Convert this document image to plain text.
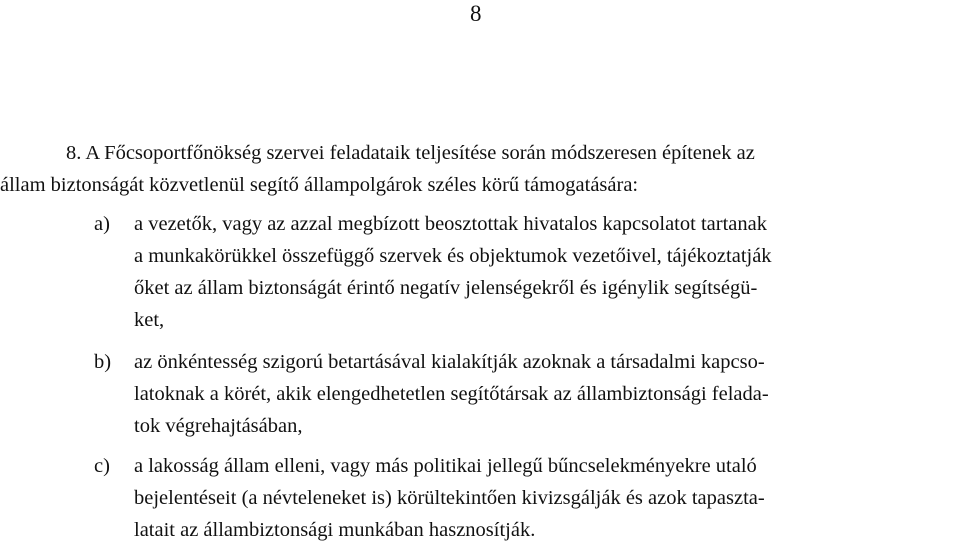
8
8. A Főcsoportfőnökség szervei feladataik teljesítése során módszeresen építenek az
állam biztonságát közvetlenül segítő állampolgárok széles körű támogatására:
a) a vezetők, vagy az azzal megbízott beosztottak hivatalos kapcsolatot tartanak
a munkakörükkel összefüggő szervek és objektumok vezetőivel, tájékoztatják
őket az állam biztonságát érintő negatív jelenségekről és igénylik segítségü-
ket,
b) az önkéntesség szigorú betartásával kialakítják azoknak a társadalmi kapcso-
latoknak a körét, akik elengedhetetlen segítőtársak az állambiztonsági felada-
tok végrehajtásában,
c) a lakosság állam elleni, vagy más politikai jellegű bűncselekményekre utaló
bejelentéseit (a névteleneket is) körültekintően kivizsgálják és azok tapaszta-
latait az állambiztonsági munkában hasznosítják.
